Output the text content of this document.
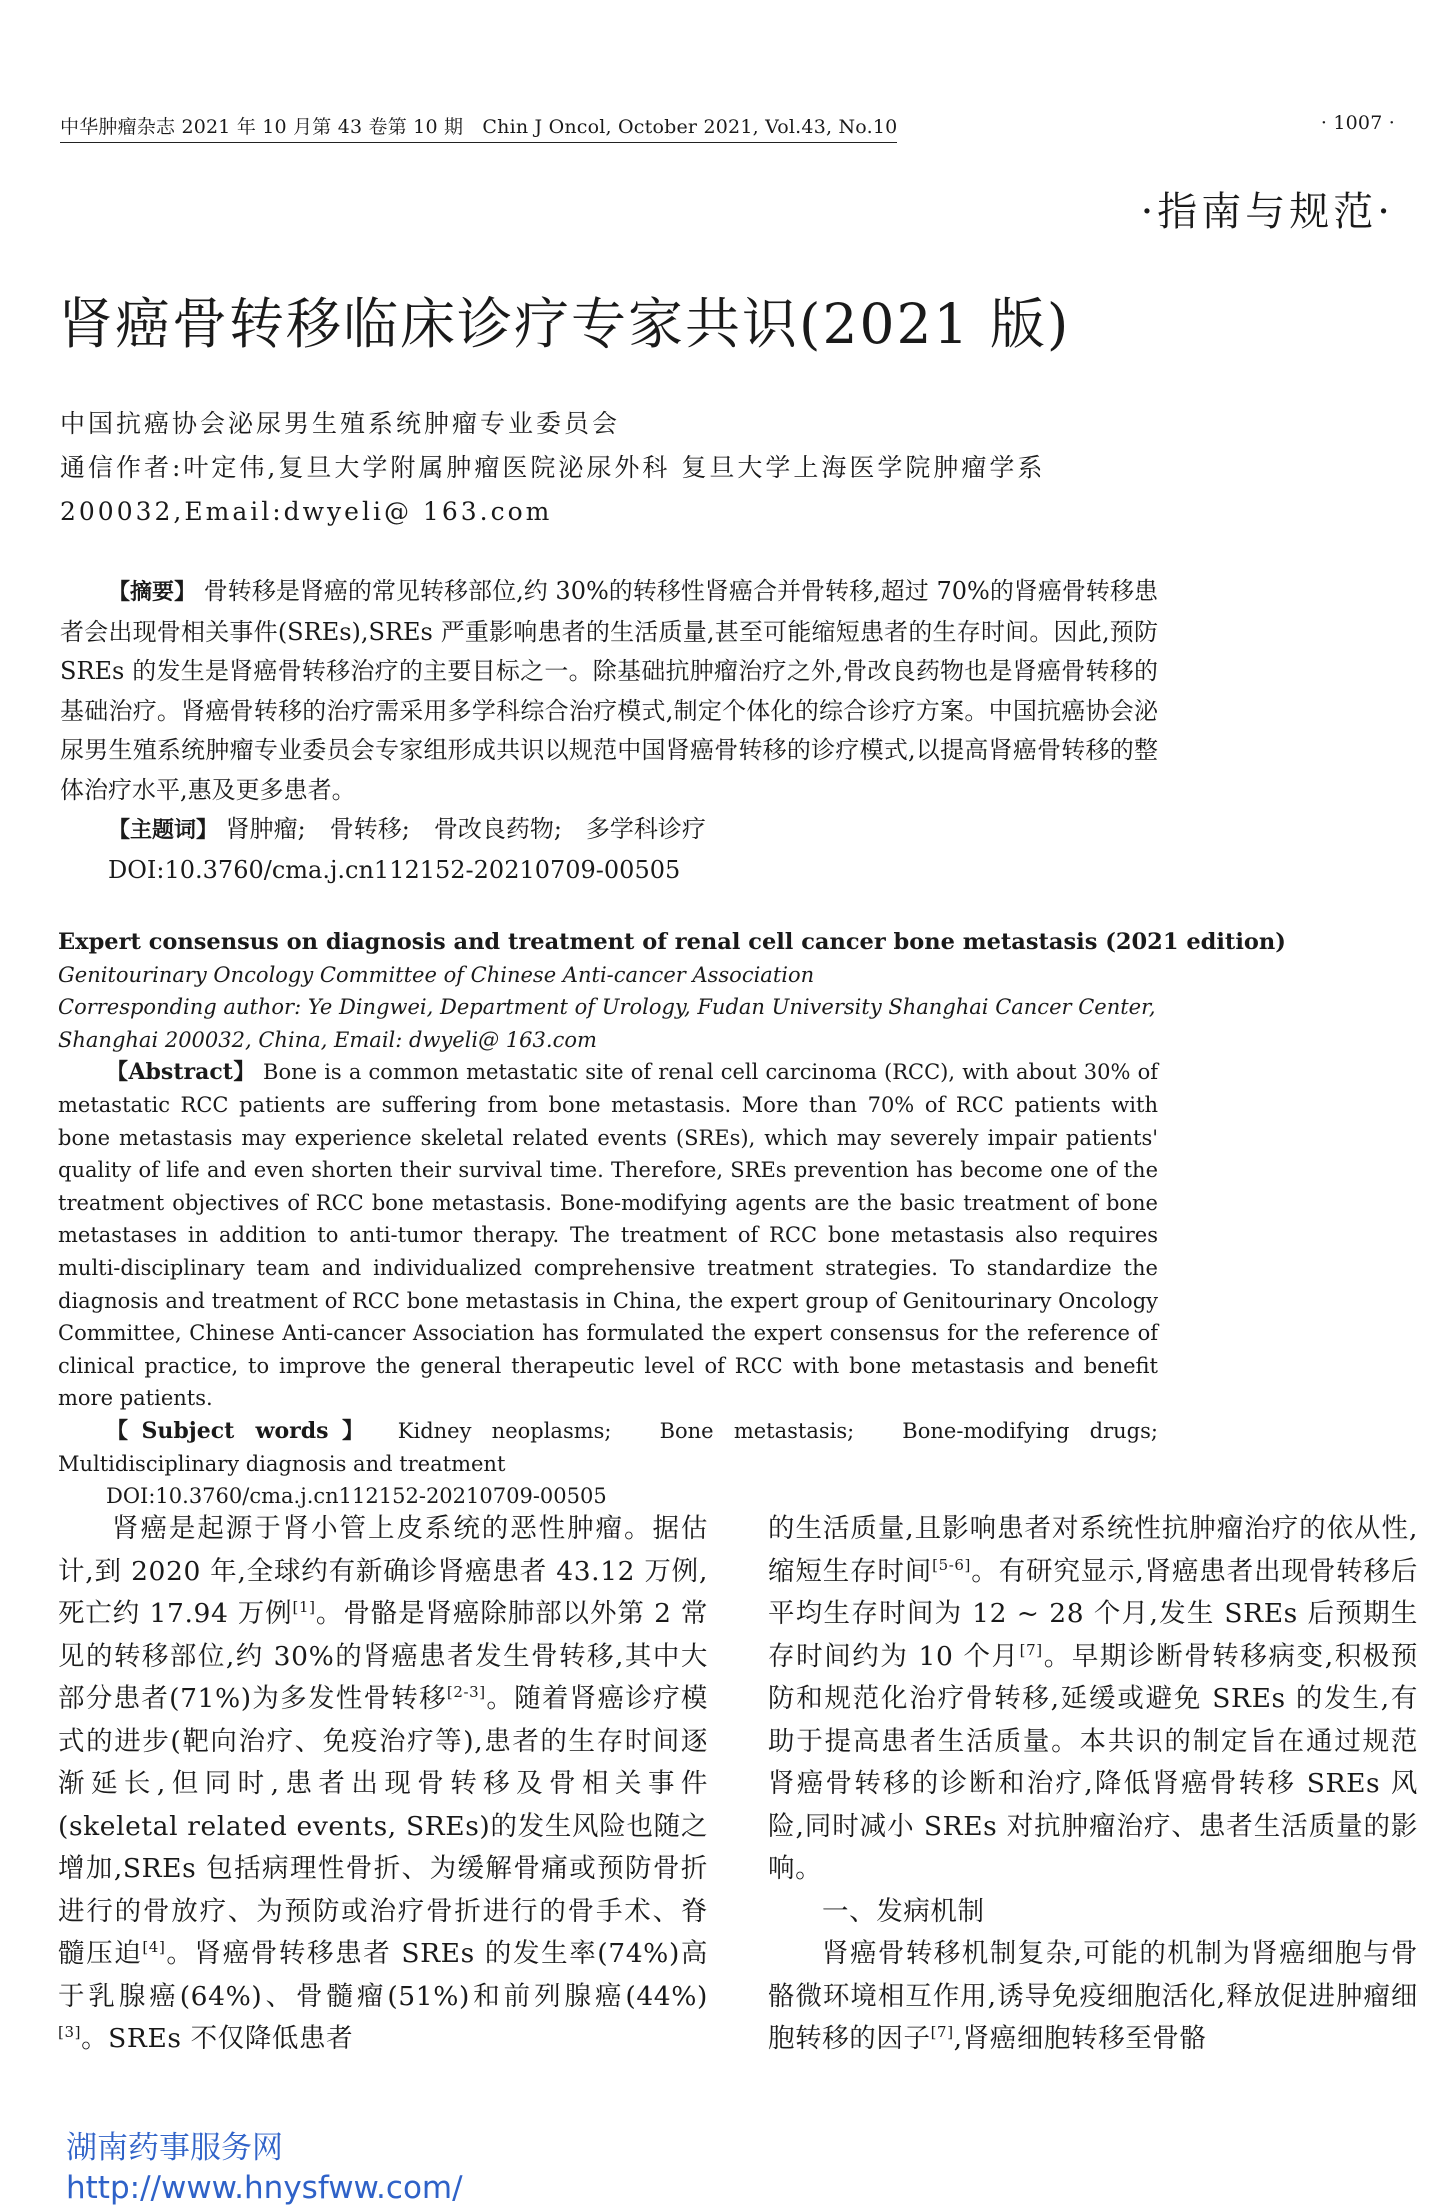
中华肿瘤杂志 2021 年 10 月第 43 卷第 10 期　Chin J Oncol, October 2021, Vol.43, No.10	· 1007 ·
·指南与规范·
肾癌骨转移临床诊疗专家共识(2021 版)
中国抗癌协会泌尿男生殖系统肿瘤专业委员会
通信作者:叶定伟,复旦大学附属肿瘤医院泌尿外科 复旦大学上海医学院肿瘤学系
200032,Email:dwyeli@ 163.com

【摘要】 骨转移是肾癌的常见转移部位,约 30%的转移性肾癌合并骨转移,超过 70%的肾癌骨转移患者会出现骨相关事件(SREs),SREs 严重影响患者的生活质量,甚至可能缩短患者的生存时间。因此,预防 SREs 的发生是肾癌骨转移治疗的主要目标之一。除基础抗肿瘤治疗之外,骨改良药物也是肾癌骨转移的基础治疗。肾癌骨转移的治疗需采用多学科综合治疗模式,制定个体化的综合诊疗方案。中国抗癌协会泌尿男生殖系统肿瘤专业委员会专家组形成共识以规范中国肾癌骨转移的诊疗模式,以提高肾癌骨转移的整体治疗水平,惠及更多患者。

【主题词】 肾肿瘤;　骨转移;　骨改良药物;　多学科诊疗

DOI:10.3760/cma.j.cn112152-20210709-00505

Expert consensus on diagnosis and treatment of renal cell cancer bone metastasis (2021 edition)
Genitourinary Oncology Committee of Chinese Anti-cancer Association
Corresponding author: Ye Dingwei, Department of Urology, Fudan University Shanghai Cancer Center,
Shanghai 200032, China, Email: dwyeli@ 163.com

【Abstract】 Bone is a common metastatic site of renal cell carcinoma (RCC), with about 30% of metastatic RCC patients are suffering from bone metastasis. More than 70% of RCC patients with bone metastasis may experience skeletal related events (SREs), which may severely impair patients' quality of life and even shorten their survival time. Therefore, SREs prevention has become one of the treatment objectives of RCC bone metastasis. Bone-modifying agents are the basic treatment of bone metastases in addition to anti-tumor therapy. The treatment of RCC bone metastasis also requires multi-disciplinary team and individualized comprehensive treatment strategies. To standardize the diagnosis and treatment of RCC bone metastasis in China, the expert group of Genitourinary Oncology Committee, Chinese Anti-cancer Association has formulated the expert consensus for the reference of clinical practice, to improve the general therapeutic level of RCC with bone metastasis and benefit more patients.

【Subject words】 Kidney neoplasms;　Bone metastasis;　Bone-modifying drugs;　Multidisciplinary diagnosis and treatment

DOI:10.3760/cma.j.cn112152-20210709-00505

肾癌是起源于肾小管上皮系统的恶性肿瘤。据估计,到 2020 年,全球约有新确诊肾癌患者 43.12 万例,死亡约 17.94 万例[1]。骨骼是肾癌除肺部以外第 2 常见的转移部位,约 30%的肾癌患者发生骨转移,其中大部分患者(71%)为多发性骨转移[2-3]。随着肾癌诊疗模式的进步(靶向治疗、免疫治疗等),患者的生存时间逐渐延长,但同时,患者出现骨转移及骨相关事件(skeletal related events, SREs)的发生风险也随之增加,SREs 包括病理性骨折、为缓解骨痛或预防骨折进行的骨放疗、为预防或治疗骨折进行的骨手术、脊髓压迫[4]。肾癌骨转移患者 SREs 的发生率(74%)高于乳腺癌(64%)、骨髓瘤(51%)和前列腺癌(44%)[3]。SREs 不仅降低患者

的生活质量,且影响患者对系统性抗肿瘤治疗的依从性,缩短生存时间[5-6]。有研究显示,肾癌患者出现骨转移后平均生存时间为 12 ~ 28 个月,发生 SREs 后预期生存时间约为 10 个月[7]。早期诊断骨转移病变,积极预防和规范化治疗骨转移,延缓或避免 SREs 的发生,有助于提高患者生活质量。本共识的制定旨在通过规范肾癌骨转移的诊断和治疗,降低肾癌骨转移 SREs 风险,同时减小 SREs 对抗肿瘤治疗、患者生活质量的影响。

一、发病机制

肾癌骨转移机制复杂,可能的机制为肾癌细胞与骨骼微环境相互作用,诱导免疫细胞活化,释放促进肿瘤细胞转移的因子[7],肾癌细胞转移至骨骼

湖南药事服务网
http://www.hnysfww.com/
